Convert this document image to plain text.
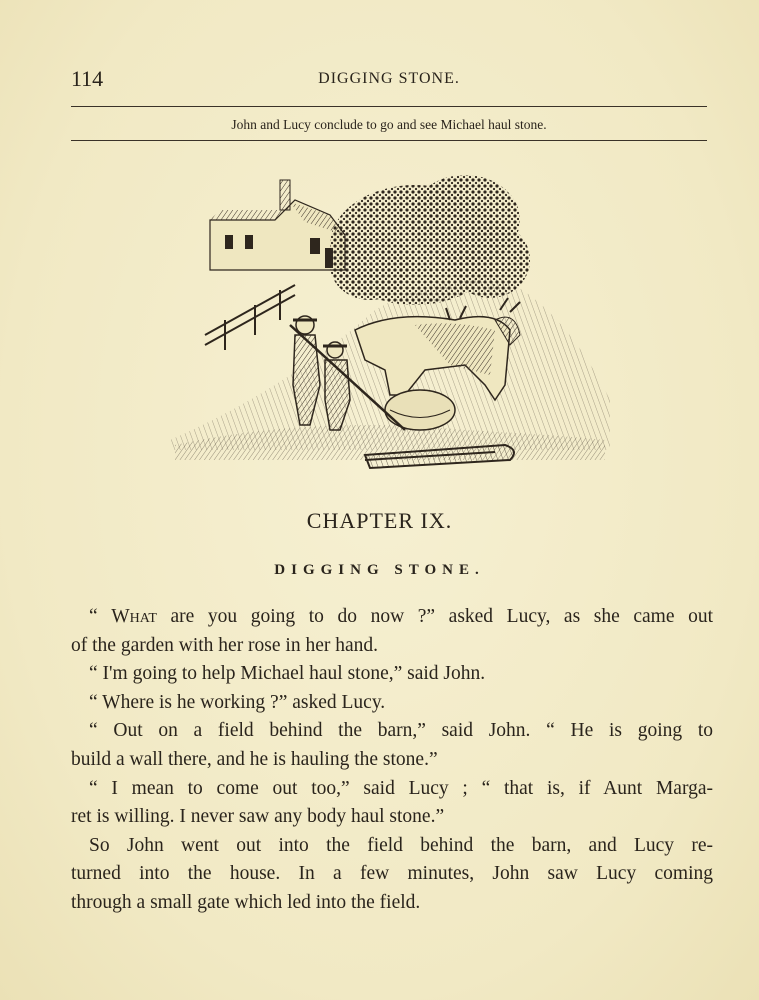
114	DIGGING STONE.
John and Lucy conclude to go and see Michael haul stone.
CHAPTER IX.
DIGGING STONE.
“ What are you going to do now ?” asked Lucy, as she came out
of the garden with her rose in her hand.
“ I'm going to help Michael haul stone,” said John.
“ Where is he working ?” asked Lucy.
“ Out on a field behind the barn,” said John. “ He is going to
build a wall there, and he is hauling the stone.”
“ I mean to come out too,” said Lucy ; “ that is, if Aunt Marga-
ret is willing. I never saw any body haul stone.”
So John went out into the field behind the barn, and Lucy re-
turned into the house. In a few minutes, John saw Lucy coming
through a small gate which led into the field.
